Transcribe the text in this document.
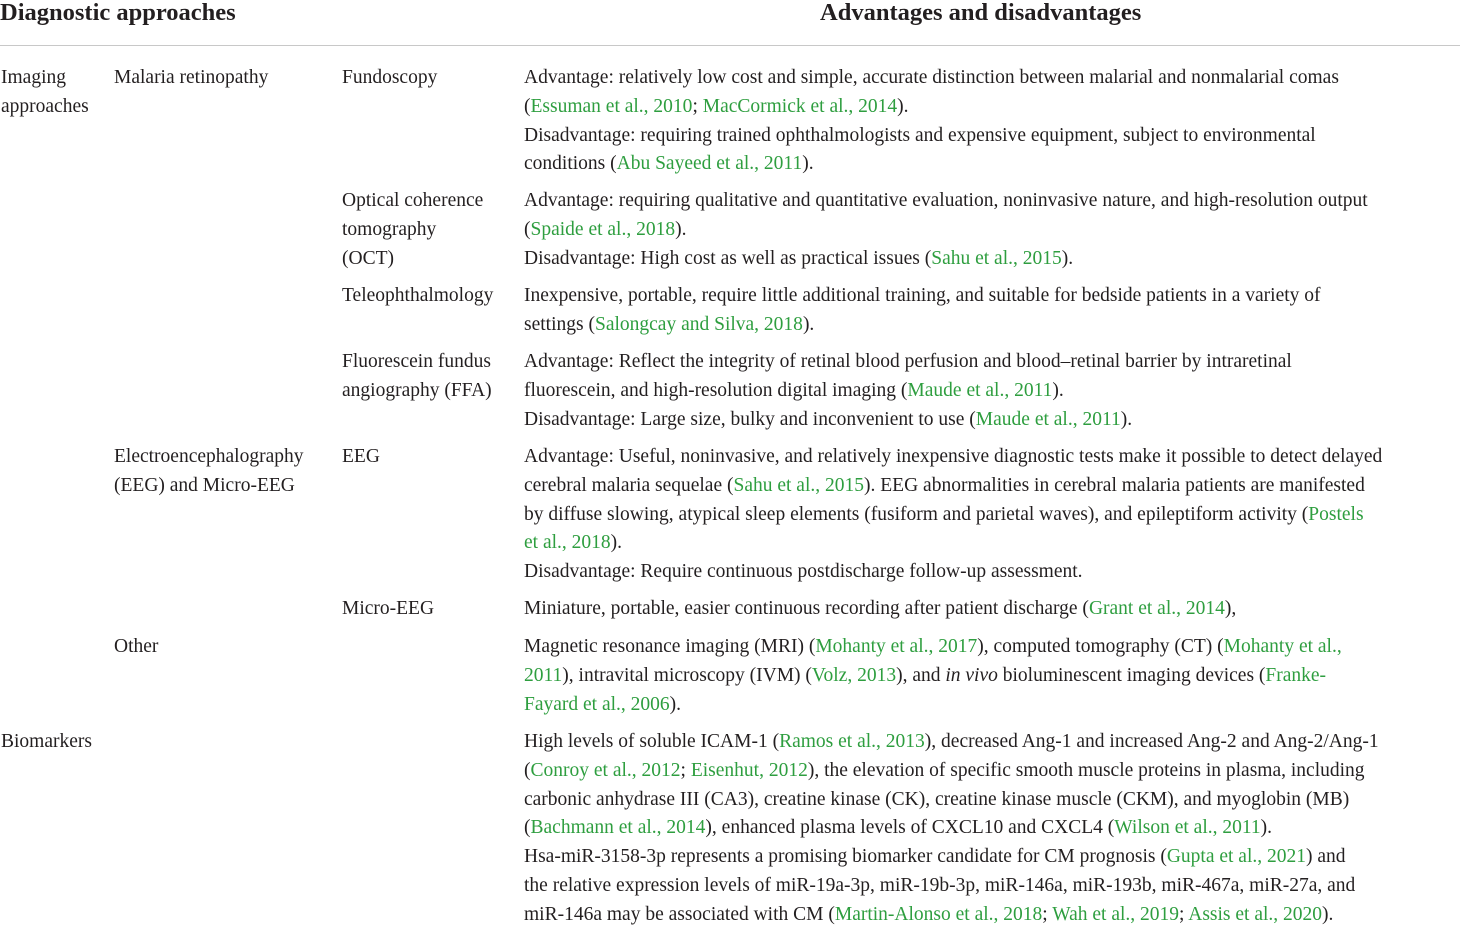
Diagnostic approaches	Advantages and disadvantages

Imaging

approaches

Biomarkers
Malaria retinopathy

Electroencephalography

(EEG) and Micro-EEG

Other
Fundoscopy

Optical coherence

tomography

(OCT)

Teleophthalmology

Fluorescein fundus

angiography (FFA)

EEG
Micro-EEG

Advantage: relatively low cost and simple, accurate distinction between malarial and nonmalarial comas

(Essuman et al., 2010; MacCormick et al., 2014).

Disadvantage: requiring trained ophthalmologists and expensive equipment, subject to environmental

conditions (Abu Sayeed et al., 2011).

Advantage: requiring qualitative and quantitative evaluation, noninvasive nature, and high-resolution output

(Spaide et al., 2018).

Disadvantage: High cost as well as practical issues (Sahu et al., 2015).

Inexpensive, portable, require little additional training, and suitable for bedside patients in a variety of

settings (Salongcay and Silva, 2018).

Advantage: Reflect the integrity of retinal blood perfusion and blood–retinal barrier by intraretinal

fluorescein, and high-resolution digital imaging (Maude et al., 2011).

Disadvantage: Large size, bulky and inconvenient to use (Maude et al., 2011).

Advantage: Useful, noninvasive, and relatively inexpensive diagnostic tests make it possible to detect delayed

cerebral malaria sequelae (Sahu et al., 2015). EEG abnormalities in cerebral malaria patients are manifested

by diffuse slowing, atypical sleep elements (fusiform and parietal waves), and epileptiform activity (Postels

et al., 2018).

Disadvantage: Require continuous postdischarge follow-up assessment.

Miniature, portable, easier continuous recording after patient discharge (Grant et al., 2014),

Magnetic resonance imaging (MRI) (Mohanty et al., 2017), computed tomography (CT) (Mohanty et al.,

2011), intravital microscopy (IVM) (Volz, 2013), and in vivo bioluminescent imaging devices (Franke-

Fayard et al., 2006).

High levels of soluble ICAM-1 (Ramos et al., 2013), decreased Ang-1 and increased Ang-2 and Ang-2/Ang-1

(Conroy et al., 2012; Eisenhut, 2012), the elevation of specific smooth muscle proteins in plasma, including

carbonic anhydrase III (CA3), creatine kinase (CK), creatine kinase muscle (CKM), and myoglobin (MB)

(Bachmann et al., 2014), enhanced plasma levels of CXCL10 and CXCL4 (Wilson et al., 2011).

Hsa-miR-3158-3p represents a promising biomarker candidate for CM prognosis (Gupta et al., 2021) and

the relative expression levels of miR-19a-3p, miR-19b-3p, miR-146a, miR-193b, miR-467a, miR-27a, and

miR-146a may be associated with CM (Martin-Alonso et al., 2018; Wah et al., 2019; Assis et al., 2020).
